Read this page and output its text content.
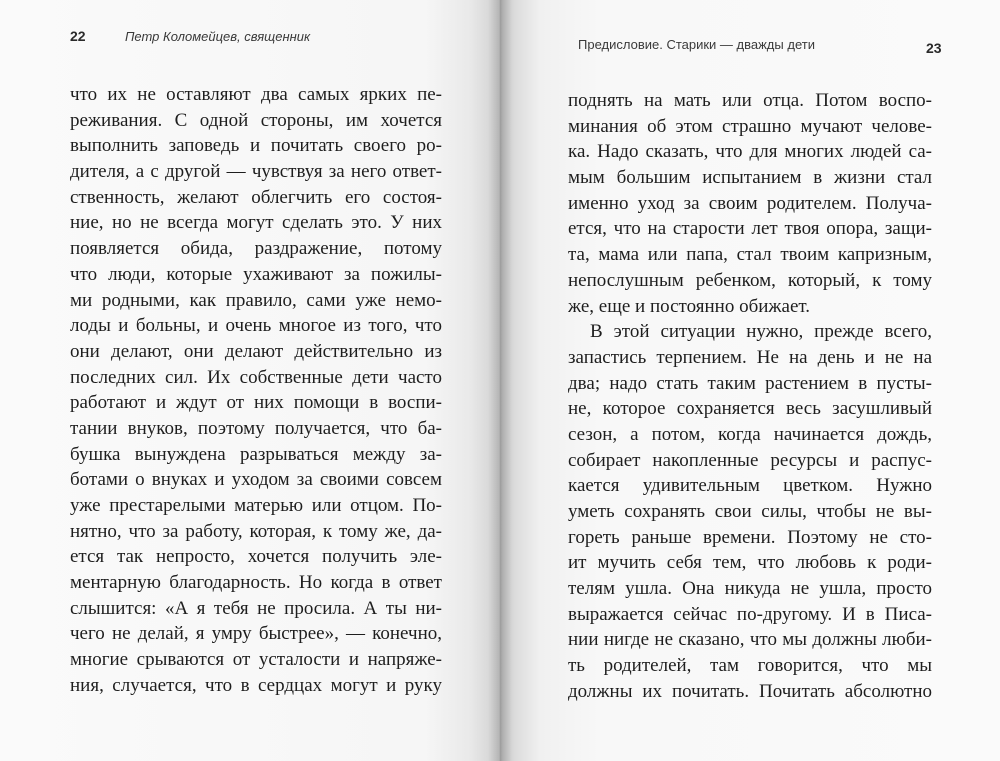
22	Петр Коломейцев, священник
что их не оставляют два самых ярких пе-
реживания. С одной стороны, им хочется
выполнить заповедь и почитать своего ро-
дителя, а с другой — чувствуя за него ответ-
ственность, желают облегчить его состоя-
ние, но не всегда могут сделать это. У них
появляется обида, раздражение, потому
что люди, которые ухаживают за пожилы-
ми родными, как правило, сами уже немо-
лоды и больны, и очень многое из того, что
они делают, они делают действительно из
последних сил. Их собственные дети часто
работают и ждут от них помощи в воспи-
тании внуков, поэтому получается, что ба-
бушка вынуждена разрываться между за-
ботами о внуках и уходом за своими совсем
уже престарелыми матерью или отцом. По-
нятно, что за работу, которая, к тому же, да-
ется так непросто, хочется получить эле-
ментарную благодарность. Но когда в ответ
слышится: «А я тебя не просила. А ты ни-
чего не делай, я умру быстрее», — конечно,
многие срываются от усталости и напряже-
ния, случается, что в сердцах могут и руку
Предисловие. Старики — дважды дети	23
поднять на мать или отца. Потом воспо-
минания об этом страшно мучают челове-
ка. Надо сказать, что для многих людей са-
мым большим испытанием в жизни стал
именно уход за своим родителем. Получа-
ется, что на старости лет твоя опора, защи-
та, мама или папа, стал твоим капризным,
непослушным ребенком, который, к тому
же, еще и постоянно обижает.
В этой ситуации нужно, прежде всего,
запастись терпением. Не на день и не на
два; надо стать таким растением в пусты-
не, которое сохраняется весь засушливый
сезон, а потом, когда начинается дождь,
собирает накопленные ресурсы и распус-
кается удивительным цветком. Нужно
уметь сохранять свои силы, чтобы не вы-
гореть раньше времени. Поэтому не сто-
ит мучить себя тем, что любовь к роди-
телям ушла. Она никуда не ушла, просто
выражается сейчас по-другому. И в Писа-
нии нигде не сказано, что мы должны люби-
ть родителей, там говорится, что мы
должны их почитать. Почитать абсолютно
